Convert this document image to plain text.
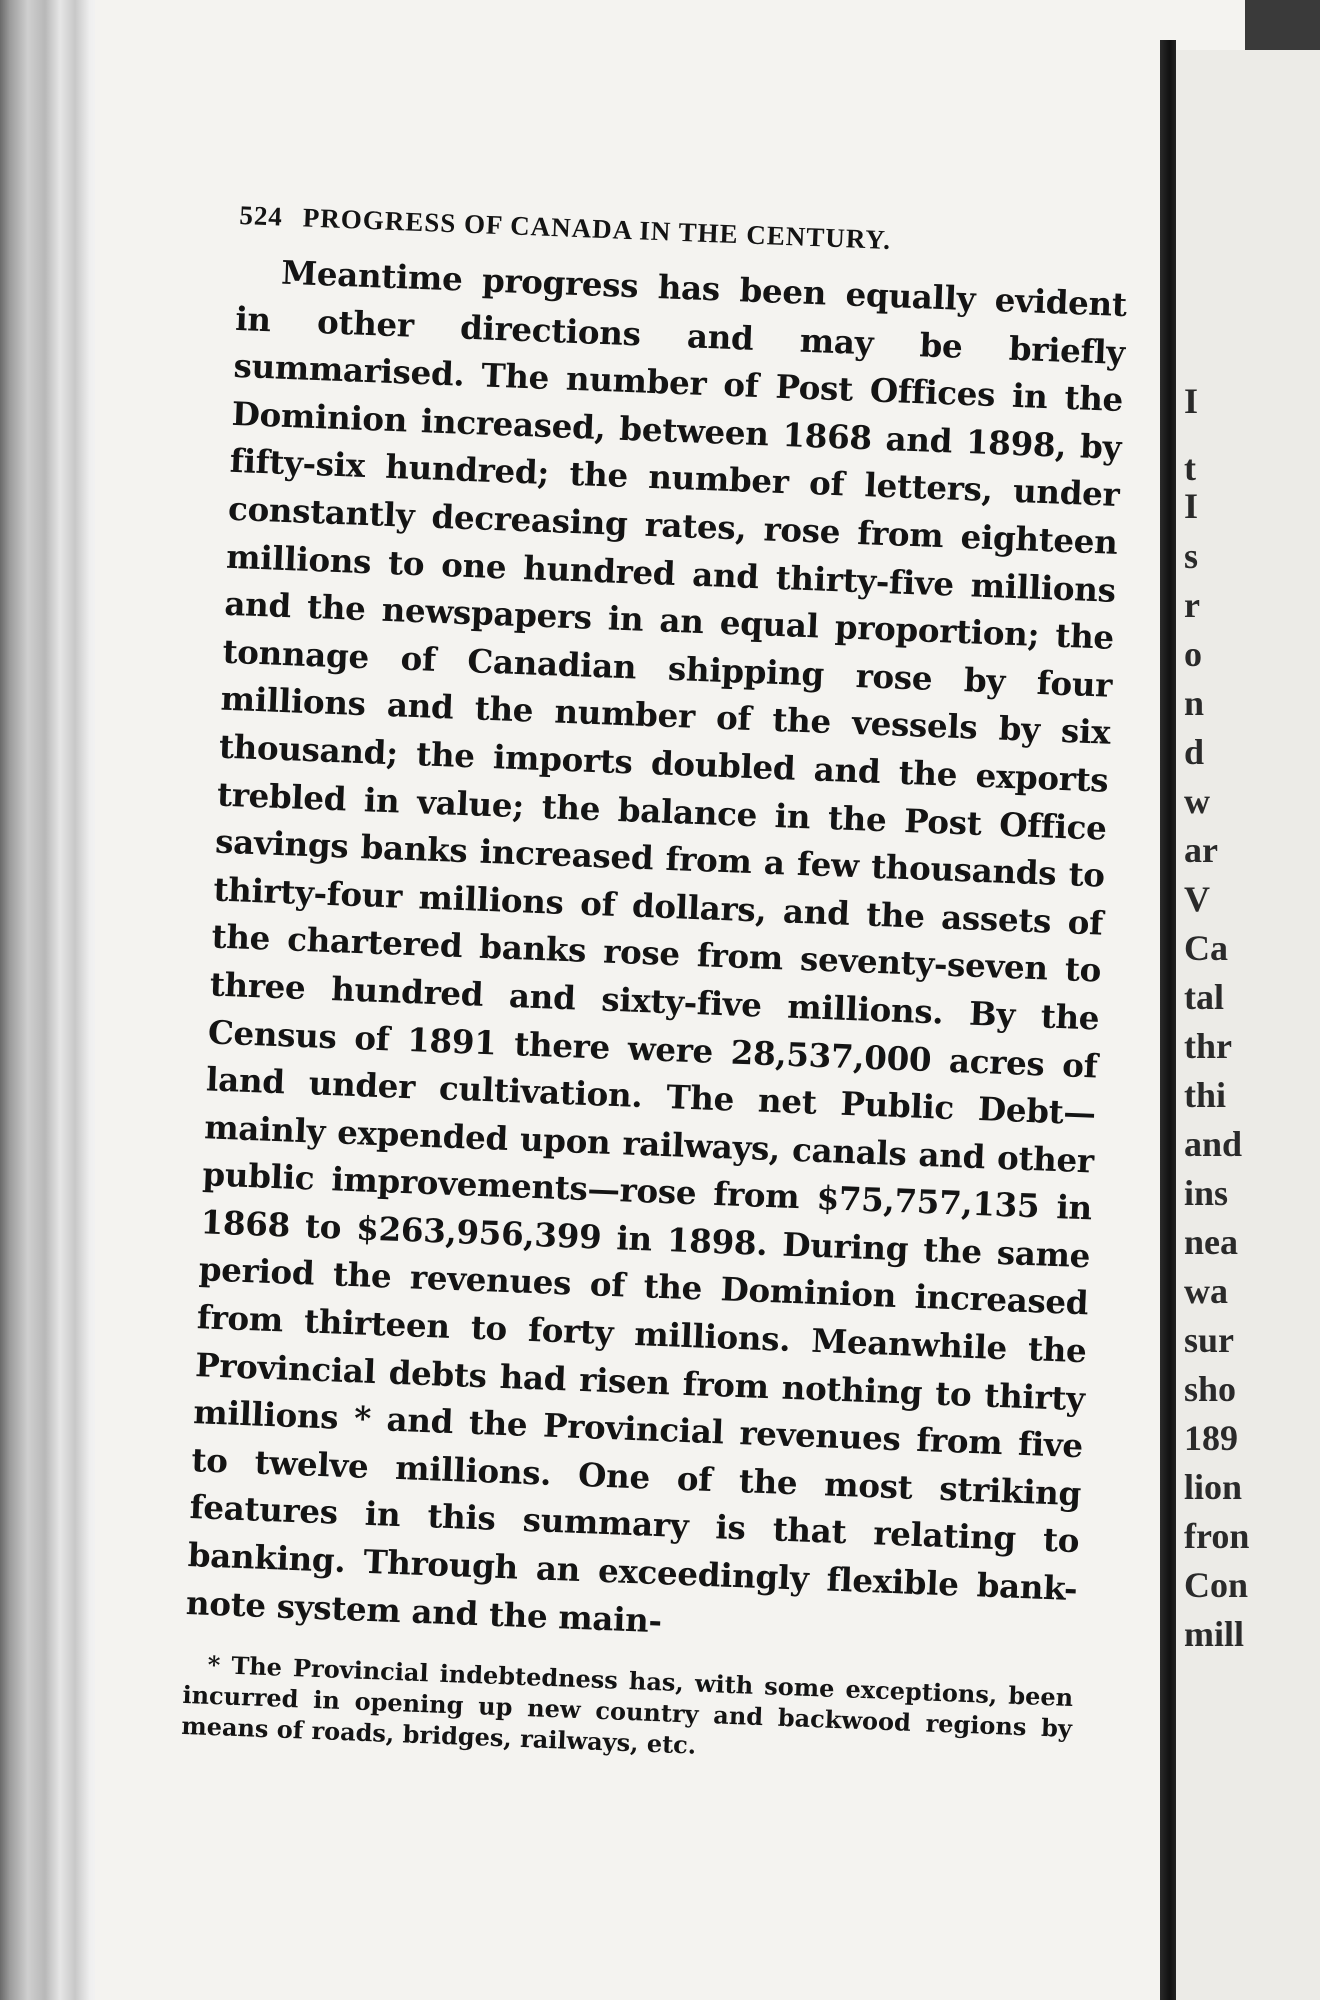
I
t
I
s
r
o
n
d
w
ar
V
Ca
tal
thr
thi
and
ins
nea
wa
sur
sho
189
lion
fron
Con
mill
524 PROGRESS OF CANADA IN THE CENTURY.

Meantime progress has been equally evident in other directions and may be briefly summarised. The number of Post Offices in the Dominion increased, between 1868 and 1898, by fifty-six hundred; the number of letters, under constantly decreasing rates, rose from eighteen millions to one hundred and thirty-five millions and the newspapers in an equal proportion; the tonnage of Canadian shipping rose by four millions and the number of the vessels by six thousand; the imports doubled and the exports trebled in value; the balance in the Post Office savings banks increased from a few thousands to thirty-four millions of dollars, and the assets of the chartered banks rose from seventy-seven to three hundred and sixty-five millions. By the Census of 1891 there were 28,537,000 acres of land under cultivation. The net Public Debt—mainly expended upon railways, canals and other public improvements—rose from $75,757,135 in 1868 to $263,956,399 in 1898. During the same period the revenues of the Dominion increased from thirteen to forty millions. Meanwhile the Provincial debts had risen from nothing to thirty millions * and the Provincial revenues from five to twelve millions. One of the most striking features in this summary is that relating to banking. Through an exceedingly flexible bank-note system and the main-

* The Provincial indebtedness has, with some exceptions, been incurred in opening up new country and backwood regions by means of roads, bridges, railways, etc.
